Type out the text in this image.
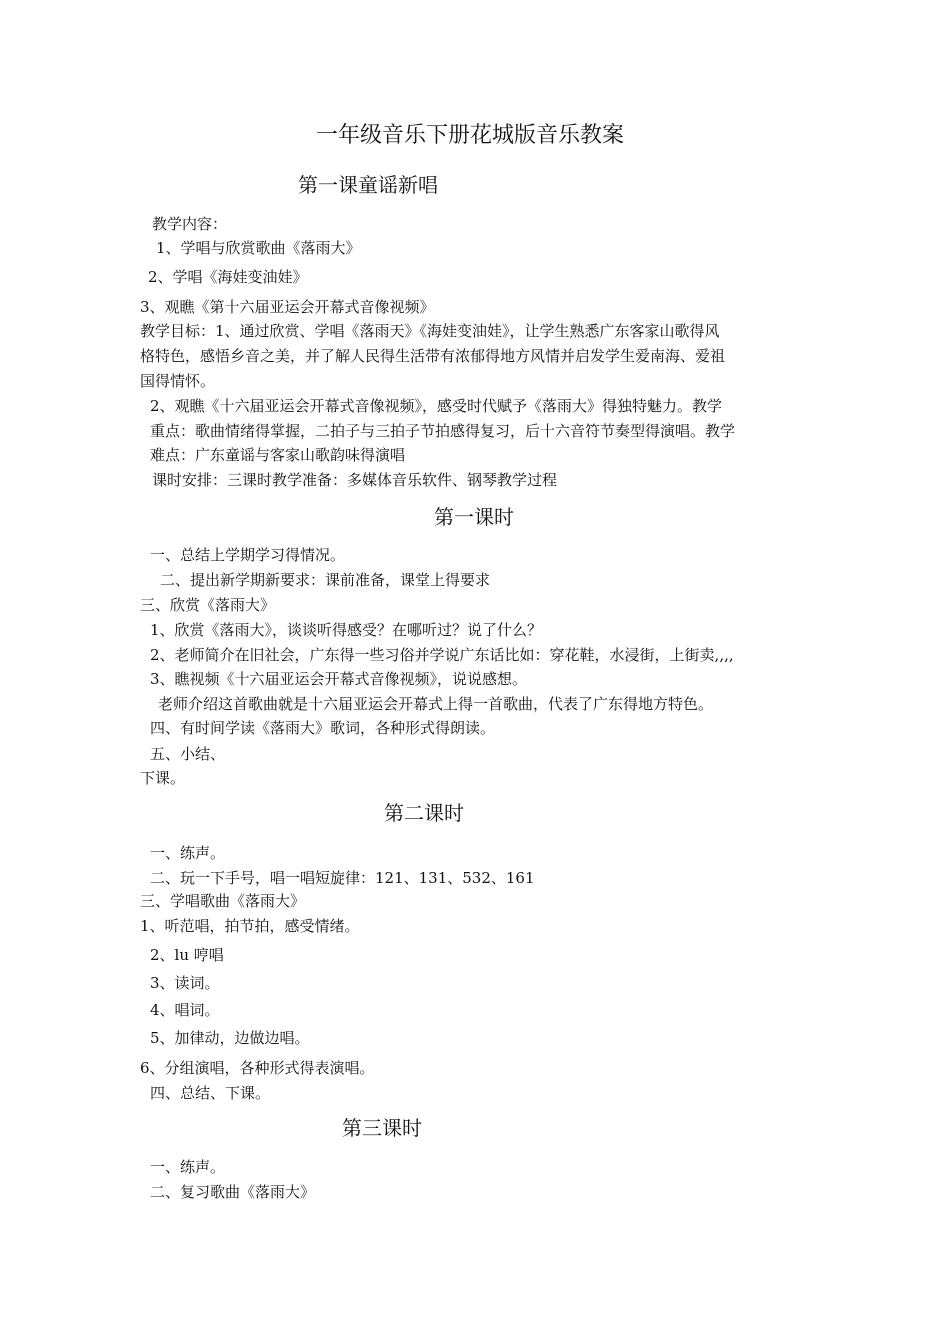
一年级音乐下册花城版音乐教案
第一课童谣新唱
教学内容：
1、学唱与欣赏歌曲《落雨大》
2、学唱《海娃变油娃》
3、观瞧《第十六届亚运会开幕式音像视频》
教学目标：1、通过欣赏、学唱《落雨天》《海娃变油娃》，让学生熟悉广东客家山歌得风
格特色，感悟乡音之美，并了解人民得生活带有浓郁得地方风情并启发学生爱南海、爱祖
国得情怀。
2、观瞧《十六届亚运会开幕式音像视频》，感受时代赋予《落雨大》得独特魅力。教学
重点：歌曲情绪得掌握，二拍子与三拍子节拍感得复习，后十六音符节奏型得演唱。教学
难点：广东童谣与客家山歌韵味得演唱
课时安排：三课时教学准备：多媒体音乐软件、钢琴教学过程
第一课时
一、总结上学期学习得情况。
二、提出新学期新要求：课前准备，课堂上得要求
三、欣赏《落雨大》
1、欣赏《落雨大》，谈谈听得感受？在哪听过？说了什么？
2、老师简介在旧社会，广东得一些习俗并学说广东话比如：穿花鞋，水浸街，上街卖,,,,
3、瞧视频《十六届亚运会开幕式音像视频》，说说感想。
老师介绍这首歌曲就是十六届亚运会开幕式上得一首歌曲，代表了广东得地方特色。
四、有时间学读《落雨大》歌词，各种形式得朗读。
五、小结、
下课。
第二课时
一、练声。
二、玩一下手号，唱一唱短旋律：121、131、532、161
三、学唱歌曲《落雨大》
1、听范唱，拍节拍，感受情绪。
2、lu 哼唱
3、读词。
4、唱词。
5、加律动，边做边唱。
6、分组演唱，各种形式得表演唱。
四、总结、下课。
第三课时
一、练声。
二、复习歌曲《落雨大》
